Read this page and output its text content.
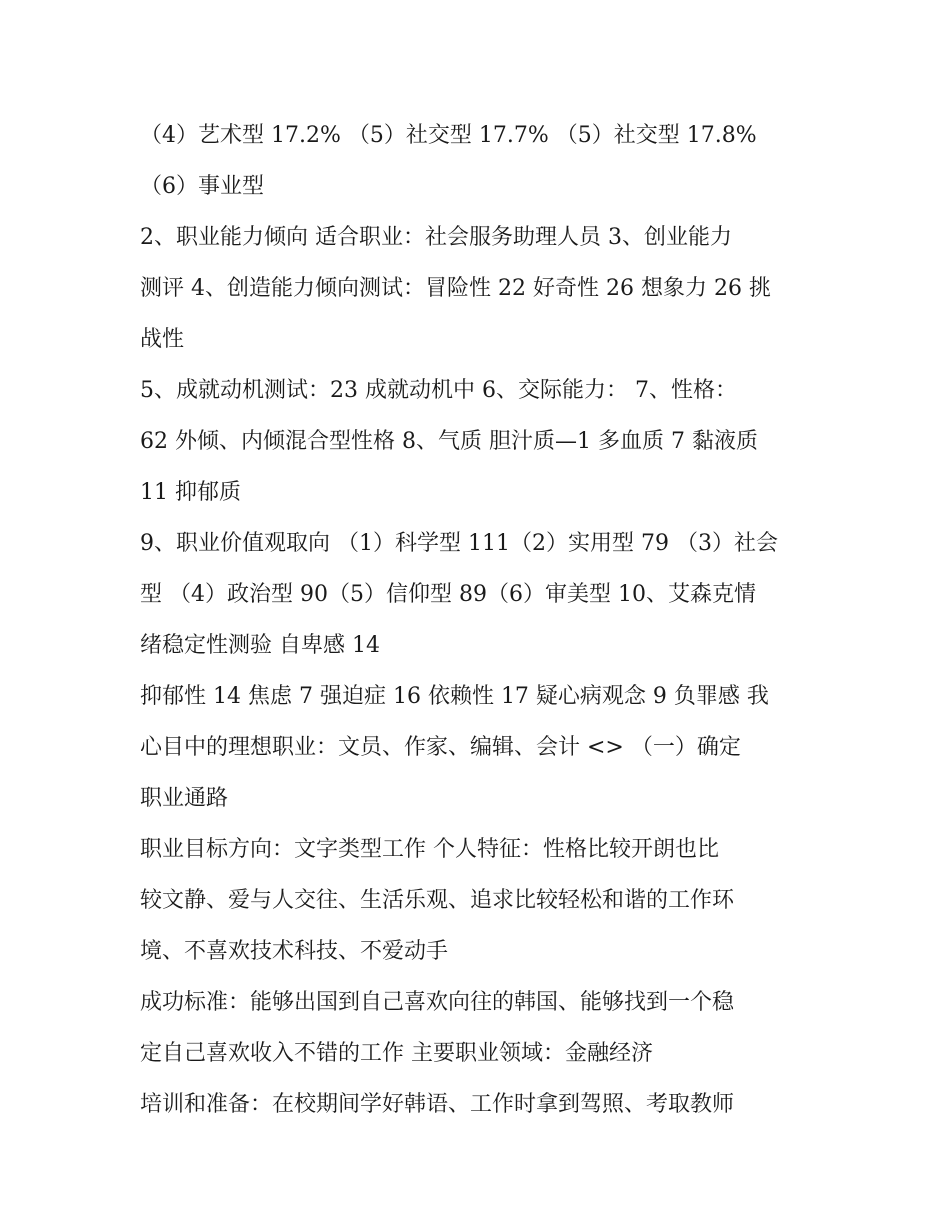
（4）艺术型 17.2% （5）社交型 17.7% （5）社交型 17.8%

（6）事业型

2、职业能力倾向 适合职业：社会服务助理人员 3、创业能力

测评 4、创造能力倾向测试：冒险性 22 好奇性 26 想象力 26 挑

战性

5、成就动机测试：23 成就动机中 6、交际能力： 7、性格：

62 外倾、内倾混合型性格 8、气质 胆汁质—1 多血质 7 黏液质

11 抑郁质

9、职业价值观取向 （1）科学型 111（2）实用型 79 （3）社会

型 （4）政治型 90（5）信仰型 89（6）审美型 10、艾森克情

绪稳定性测验 自卑感 14

抑郁性 14 焦虑 7 强迫症 16 依赖性 17 疑心病观念 9 负罪感 我

心目中的理想职业：文员、作家、编辑、会计 <> （一）确定

职业通路

职业目标方向：文字类型工作 个人特征：性格比较开朗也比

较文静、爱与人交往、生活乐观、追求比较轻松和谐的工作环

境、不喜欢技术科技、不爱动手

成功标准：能够出国到自己喜欢向往的韩国、能够找到一个稳

定自己喜欢收入不错的工作 主要职业领域：金融经济

培训和准备：在校期间学好韩语、工作时拿到驾照、考取教师
